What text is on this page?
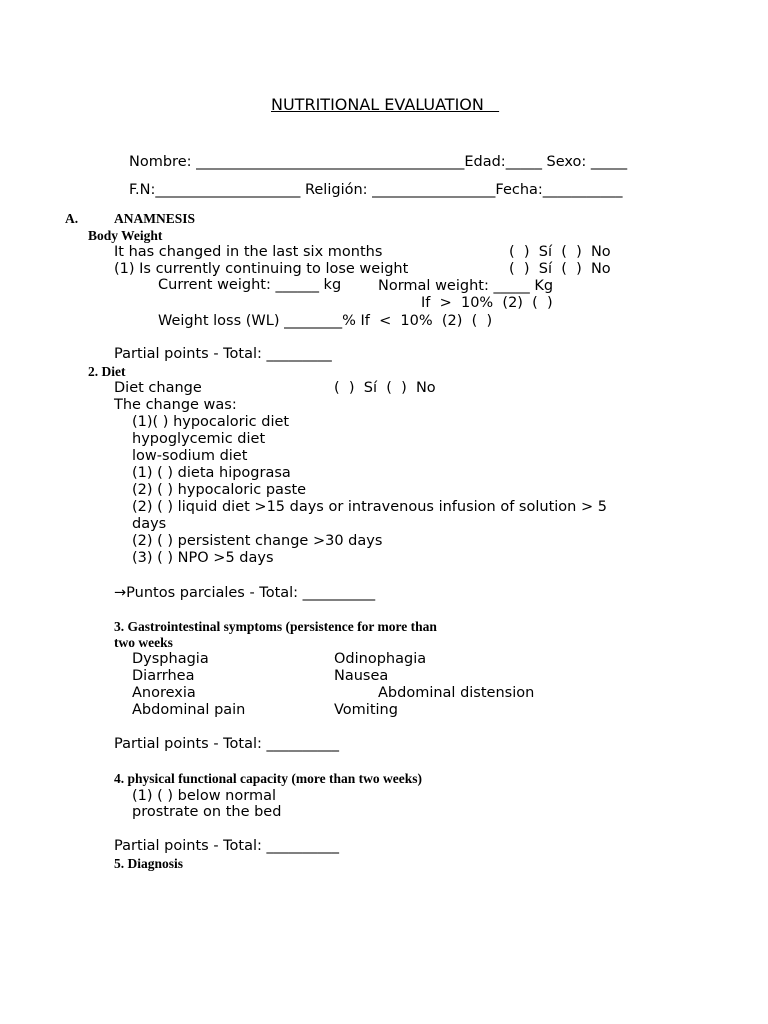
NUTRITIONAL EVALUATION
Nombre: _____________________________________Edad:_____ Sexo: _____
F.N:____________________ Religión: _________________Fecha:___________
A.	ANAMNESIS
Body Weight
It has changed in the last six months	(  )  Sí  (  )  No
(1) Is currently continuing to lose weight	(  )  Sí  (  )  No
Current weight: ______ kg	Normal weight: _____ Kg
If  >  10%  (2)  (  )
Weight loss (WL) ________% If  <  10%  (2)  (  )
Partial points - Total: _________
2. Diet
Diet change	(  )  Sí  (  )  No
The change was:
(1)( ) hypocaloric diet
hypoglycemic diet
low-sodium diet
(1) ( ) dieta hipograsa
(2) ( ) hypocaloric paste
(2) ( ) liquid diet >15 days or intravenous infusion of solution > 5
days
(2) ( ) persistent change >30 days
(3) ( ) NPO >5 days
→Puntos parciales - Total: __________
3. Gastrointestinal symptoms (persistence for more than
two weeks
Dysphagia	Odinophagia
Diarrhea	Nausea
Anorexia	Abdominal distension
Abdominal pain	Vomiting
Partial points - Total: __________
4. physical functional capacity (more than two weeks)
(1) ( ) below normal
prostrate on the bed
Partial points - Total: __________
5. Diagnosis
